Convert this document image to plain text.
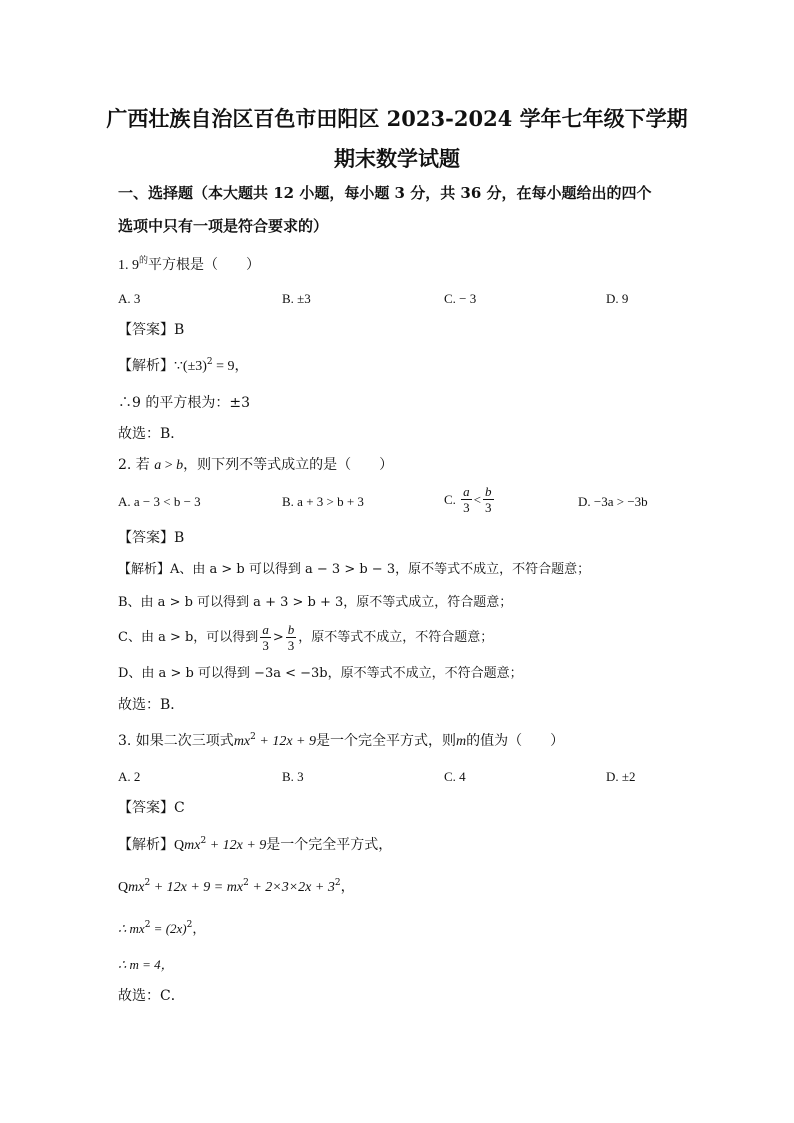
广西壮族自治区百色市田阳区 2023-2024 学年七年级下学期
期末数学试题
一、选择题（本大题共 12 小题，每小题 3 分，共 36 分，在每小题给出的四个
选项中只有一项是符合要求的）
1. $9^的$平方根是（　　）
A. 3	B. ±3	C. − 3	D. 9
【答案】B
【解析】$\because(\pm 3)^2 = 9$，
∴9 的平方根为：±3
故选：B．
2. 若 a > b，则下列不等式成立的是（　　）
A. a − 3 < b − 3	B. a + 3 > b + 3	C. $\frac{a}{3} < \frac{b}{3}$	D. −3a > −3b
【答案】B
【解析】A、由 a > b 可以得到 a − 3 > b − 3，原不等式不成立，不符合题意；
B、由 a > b 可以得到 a + 3 > b + 3，原不等式成立，符合题意；
C、由 a > b，可以得到 $\frac{a}{3} > \frac{b}{3}$ ，原不等式不成立，不符合题意；
D、由 a > b 可以得到 −3a < −3b，原不等式不成立，不符合题意；
故选：B．
3. 如果二次三项式$mx^2 + 12x + 9$是一个完全平方式，则m的值为（　　）
A. 2	B. 3	C. 4	D. ±2
【答案】C
【解析】Qmx$^2$ + 12x + 9是一个完全平方式，
$Qmx^2 + 12x + 9 = mx^2 + 2\times 3\times 2x + 3^2$，
∴ $mx^2 = (2x)^2$，
∴ m = 4，
故选：C．
